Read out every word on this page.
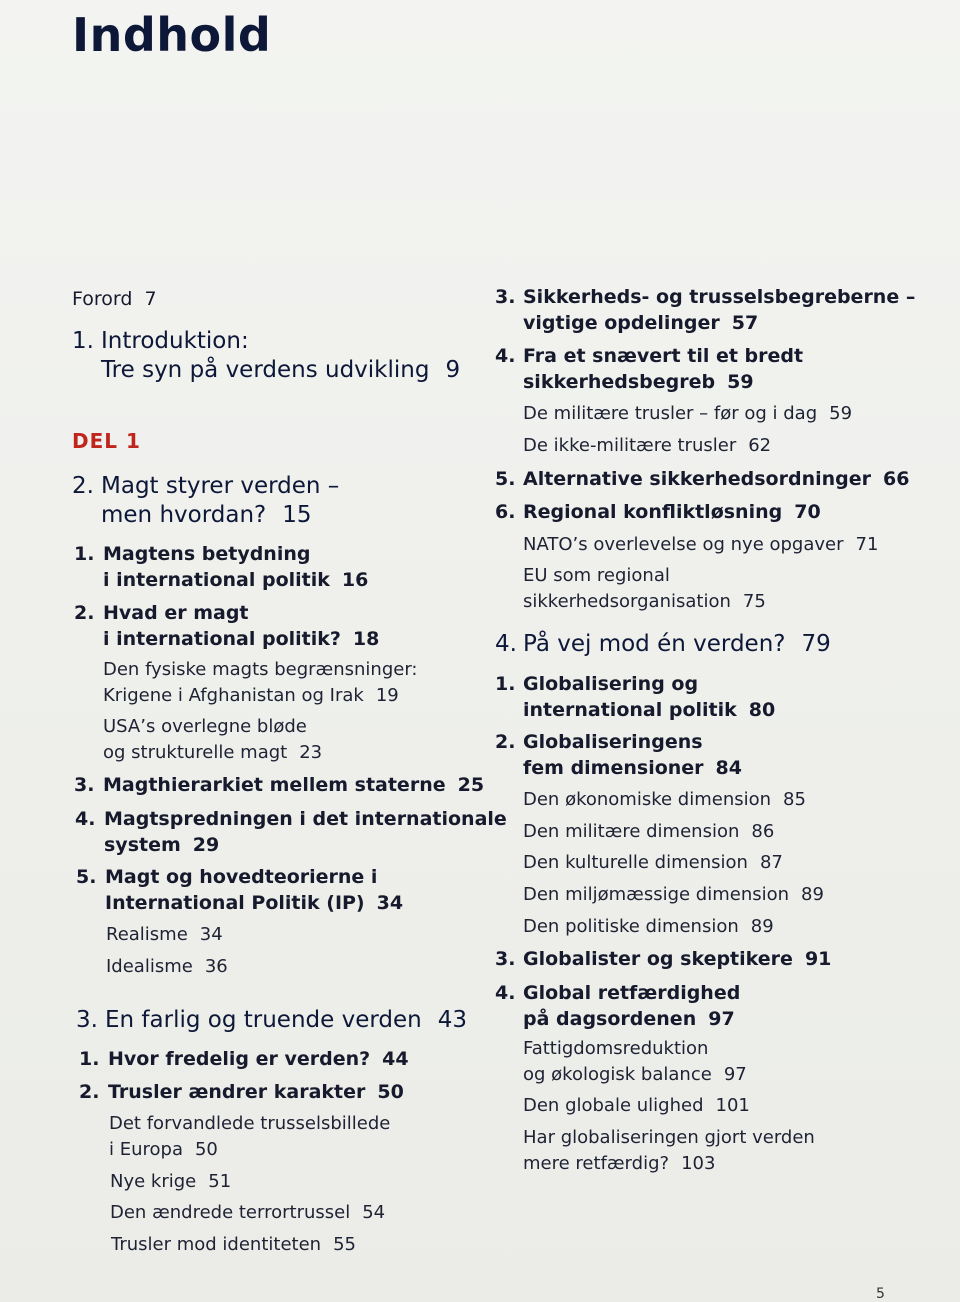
Indhold
Forord 7
1. Introduktion:
Tre syn på verdens udvikling 9
DEL 1
2. Magt styrer verden –
men hvordan? 15
1. Magtens betydning
i international politik 16
2. Hvad er magt
i international politik? 18
Den fysiske magts begrænsninger:
Krigene i Afghanistan og Irak 19
USA’s overlegne bløde
og strukturelle magt 23
3. Magthierarkiet mellem staterne 25
4. Magtspredningen i det internationale
system 29
5. Magt og hovedteorierne i
International Politik (IP) 34
Realisme 34
Idealisme 36
3. En farlig og truende verden 43
1. Hvor fredelig er verden? 44
2. Trusler ændrer karakter 50
Det forvandlede trusselsbillede
i Europa 50
Nye krige 51
Den ændrede terrortrussel 54
Trusler mod identiteten 55
3. Sikkerheds- og trusselsbegreberne –
vigtige opdelinger 57
4. Fra et snævert til et bredt
sikkerhedsbegreb 59
De militære trusler – før og i dag 59
De ikke-militære trusler 62
5. Alternative sikkerhedsordninger 66
6. Regional konfliktløsning 70
NATO’s overlevelse og nye opgaver 71
EU som regional
sikkerhedsorganisation 75
4. På vej mod én verden? 79
1. Globalisering og
international politik 80
2. Globaliseringens
fem dimensioner 84
Den økonomiske dimension 85
Den militære dimension 86
Den kulturelle dimension 87
Den miljømæssige dimension 89
Den politiske dimension 89
3. Globalister og skeptikere 91
4. Global retfærdighed
på dagsordenen 97
Fattigdomsreduktion
og økologisk balance 97
Den globale ulighed 101
Har globaliseringen gjort verden
mere retfærdig? 103
5
